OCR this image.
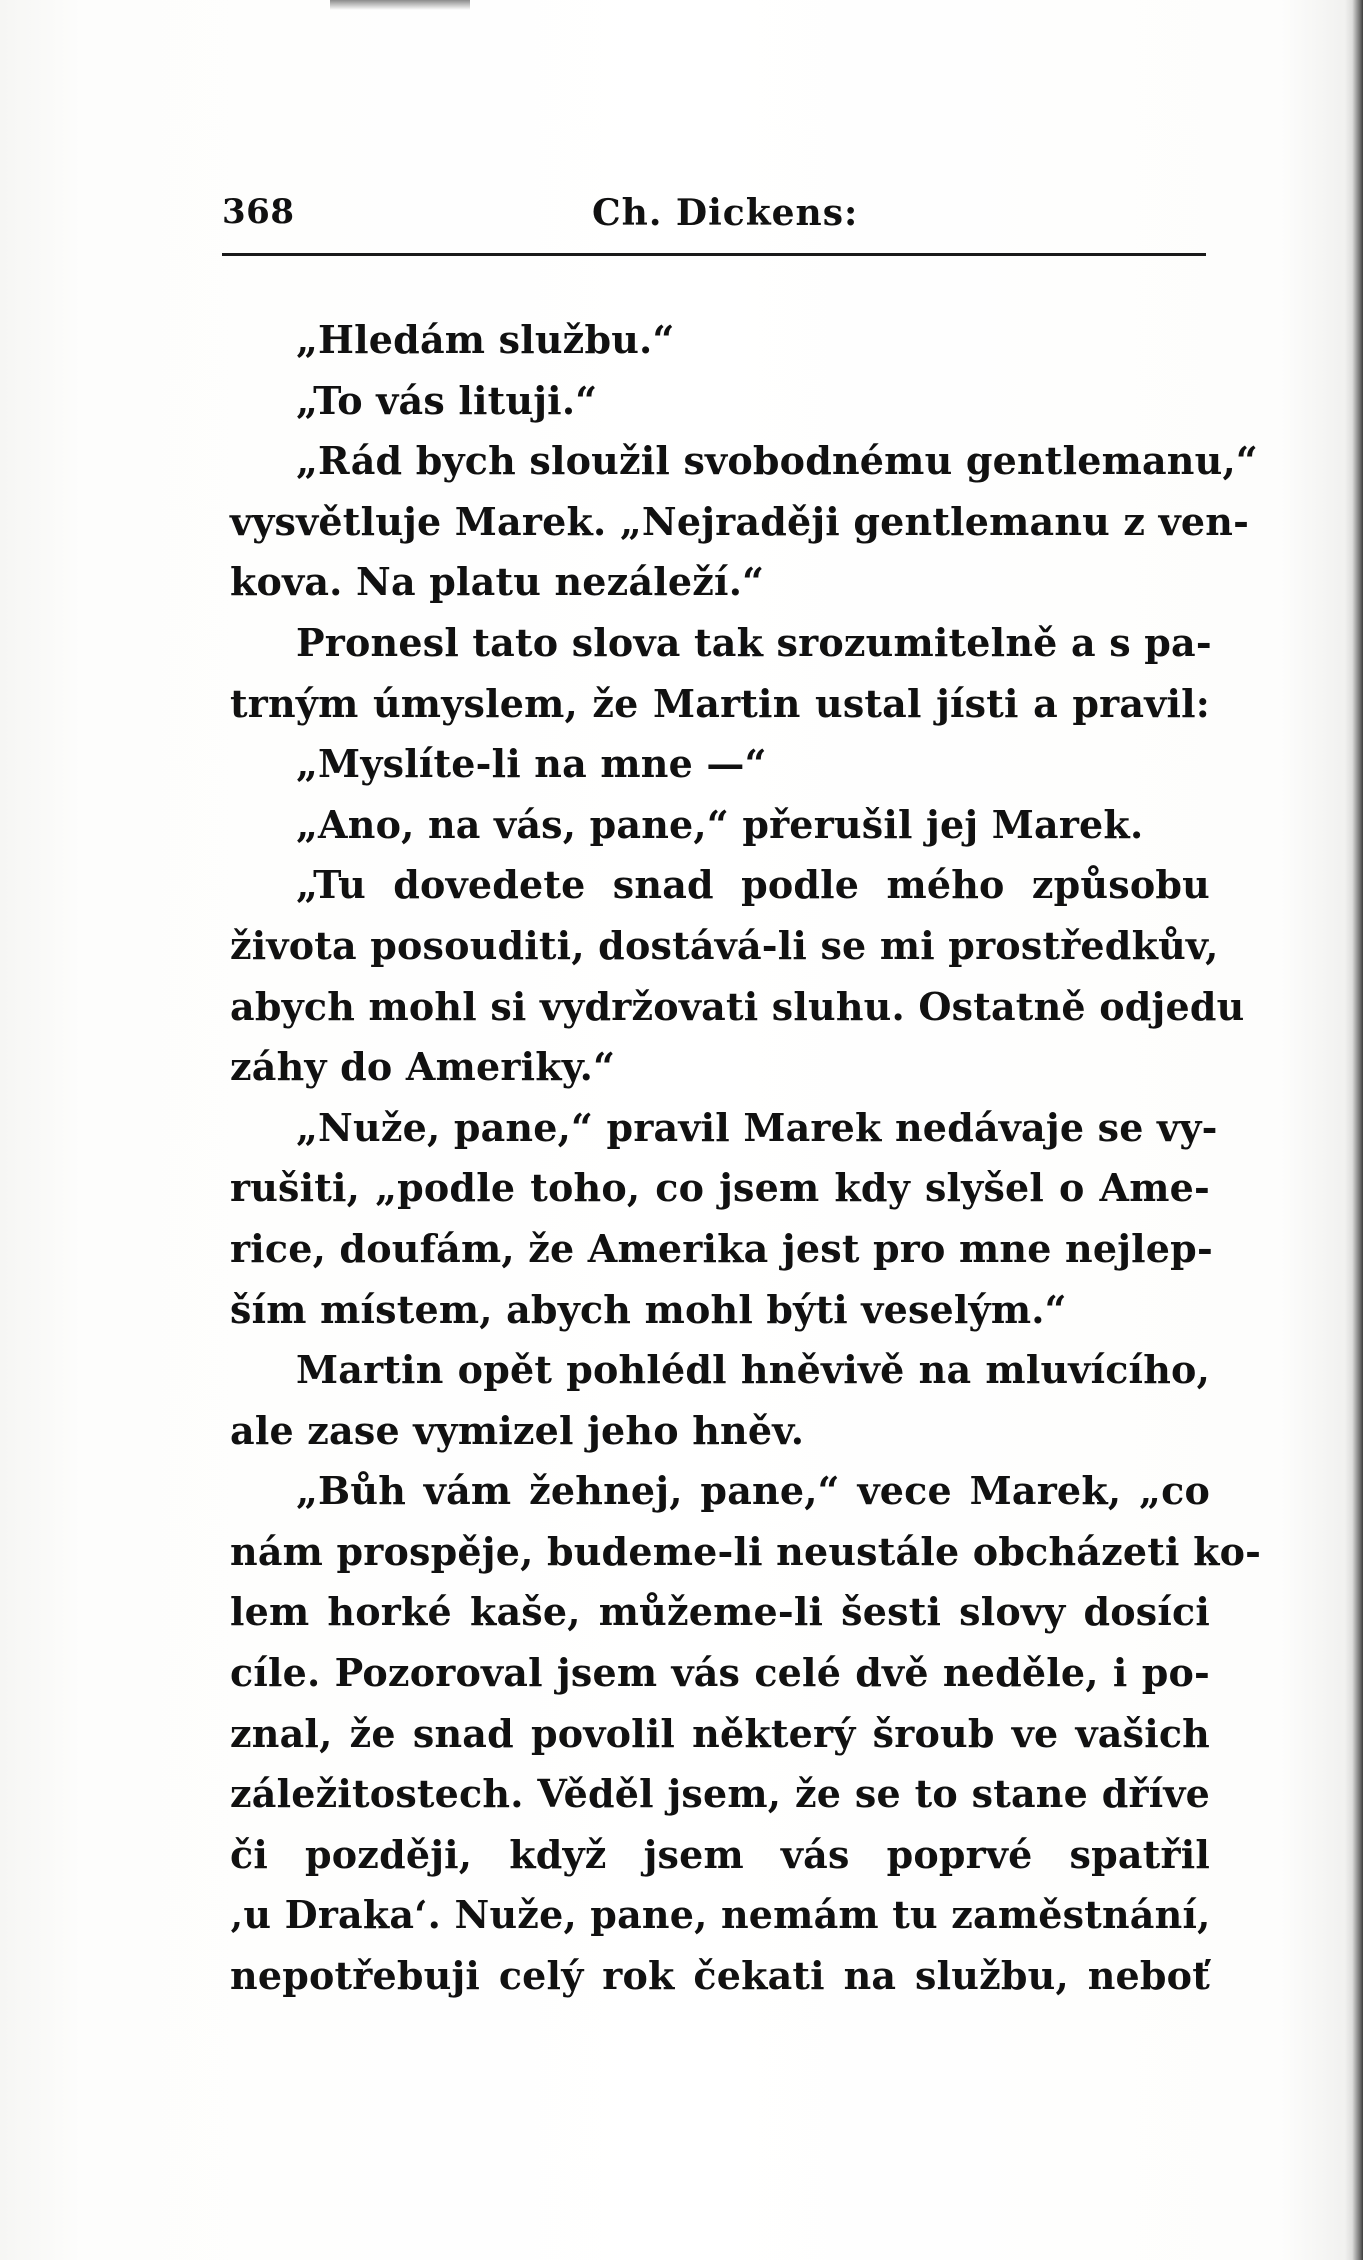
368	Ch. Dickens:
„Hledám službu.“
„To vás lituji.“
„Rád bych sloužil svobodnému gentlemanu,“
vysvětluje Marek. „Nejraději gentlemanu z ven-
kova. Na platu nezáleží.“
Pronesl tato slova tak srozumitelně a s pa-
trným úmyslem, že Martin ustal jísti a pravil:
„Myslíte-li na mne —“
„Ano, na vás, pane,“ přerušil jej Marek.
„Tu dovedete snad podle mého způsobu
života posouditi, dostává-li se mi prostředkův,
abych mohl si vydržovati sluhu. Ostatně odjedu
záhy do Ameriky.“
„Nuže, pane,“ pravil Marek nedávaje se vy-
rušiti, „podle toho, co jsem kdy slyšel o Ame-
rice, doufám, že Amerika jest pro mne nejlep-
ším místem, abych mohl býti veselým.“
Martin opět pohlédl hněvivě na mluvícího,
ale zase vymizel jeho hněv.
„Bůh vám žehnej, pane,“ vece Marek, „co
nám prospěje, budeme-li neustále obcházeti ko-
lem horké kaše, můžeme-li šesti slovy dosíci
cíle. Pozoroval jsem vás celé dvě neděle, i po-
znal, že snad povolil některý šroub ve vašich
záležitostech. Věděl jsem, že se to stane dříve
či později, když jsem vás poprvé spatřil
‚u Draka‘. Nuže, pane, nemám tu zaměstnání,
nepotřebuji celý rok čekati na službu, neboť
